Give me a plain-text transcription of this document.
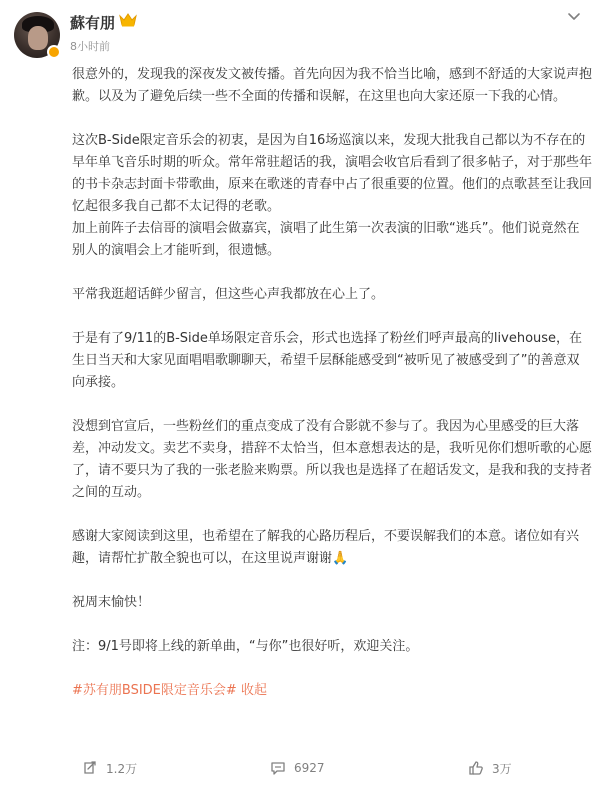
蘇有朋
8小时前

很意外的，发现我的深夜发文被传播。首先向因为我不恰当比喻，感到不舒适的大家说声抱歉。以及为了避免后续一些不全面的传播和误解，在这里也向大家还原一下我的心情。

这次B-Side限定音乐会的初衷，是因为自16场巡演以来，发现大批我自己都以为不存在的早年单飞音乐时期的听众。常年常驻超话的我，演唱会收官后看到了很多帖子，对于那些年的书卡杂志封面卡带歌曲，原来在歌迷的青春中占了很重要的位置。他们的点歌甚至让我回忆起很多我自己都不太记得的老歌。

加上前阵子去信哥的演唱会做嘉宾，演唱了此生第一次表演的旧歌“逃兵”。他们说竟然在别人的演唱会上才能听到，很遗憾。

平常我逛超话鲜少留言，但这些心声我都放在心上了。

于是有了9/11的B-Side单场限定音乐会，形式也选择了粉丝们呼声最高的livehouse，在生日当天和大家见面唱唱歌聊聊天，希望千层酥能感受到“被听见了被感受到了”的善意双向承接。

没想到官宣后，一些粉丝们的重点变成了没有合影就不参与了。我因为心里感受的巨大落差，冲动发文。卖艺不卖身，措辞不太恰当，但本意想表达的是，我听见你们想听歌的心愿了，请不要只为了我的一张老脸来购票。所以我也是选择了在超话发文，是我和我的支持者之间的互动。

感谢大家阅读到这里，也希望在了解我的心路历程后，不要误解我们的本意。诸位如有兴趣，请帮忙扩散全貌也可以，在这里说声谢谢🙏

祝周末愉快！

注：9/1号即将上线的新单曲，“与你”也很好听，欢迎关注。

#苏有朋BSIDE限定音乐会# 收起

1.2万	6927	3万
